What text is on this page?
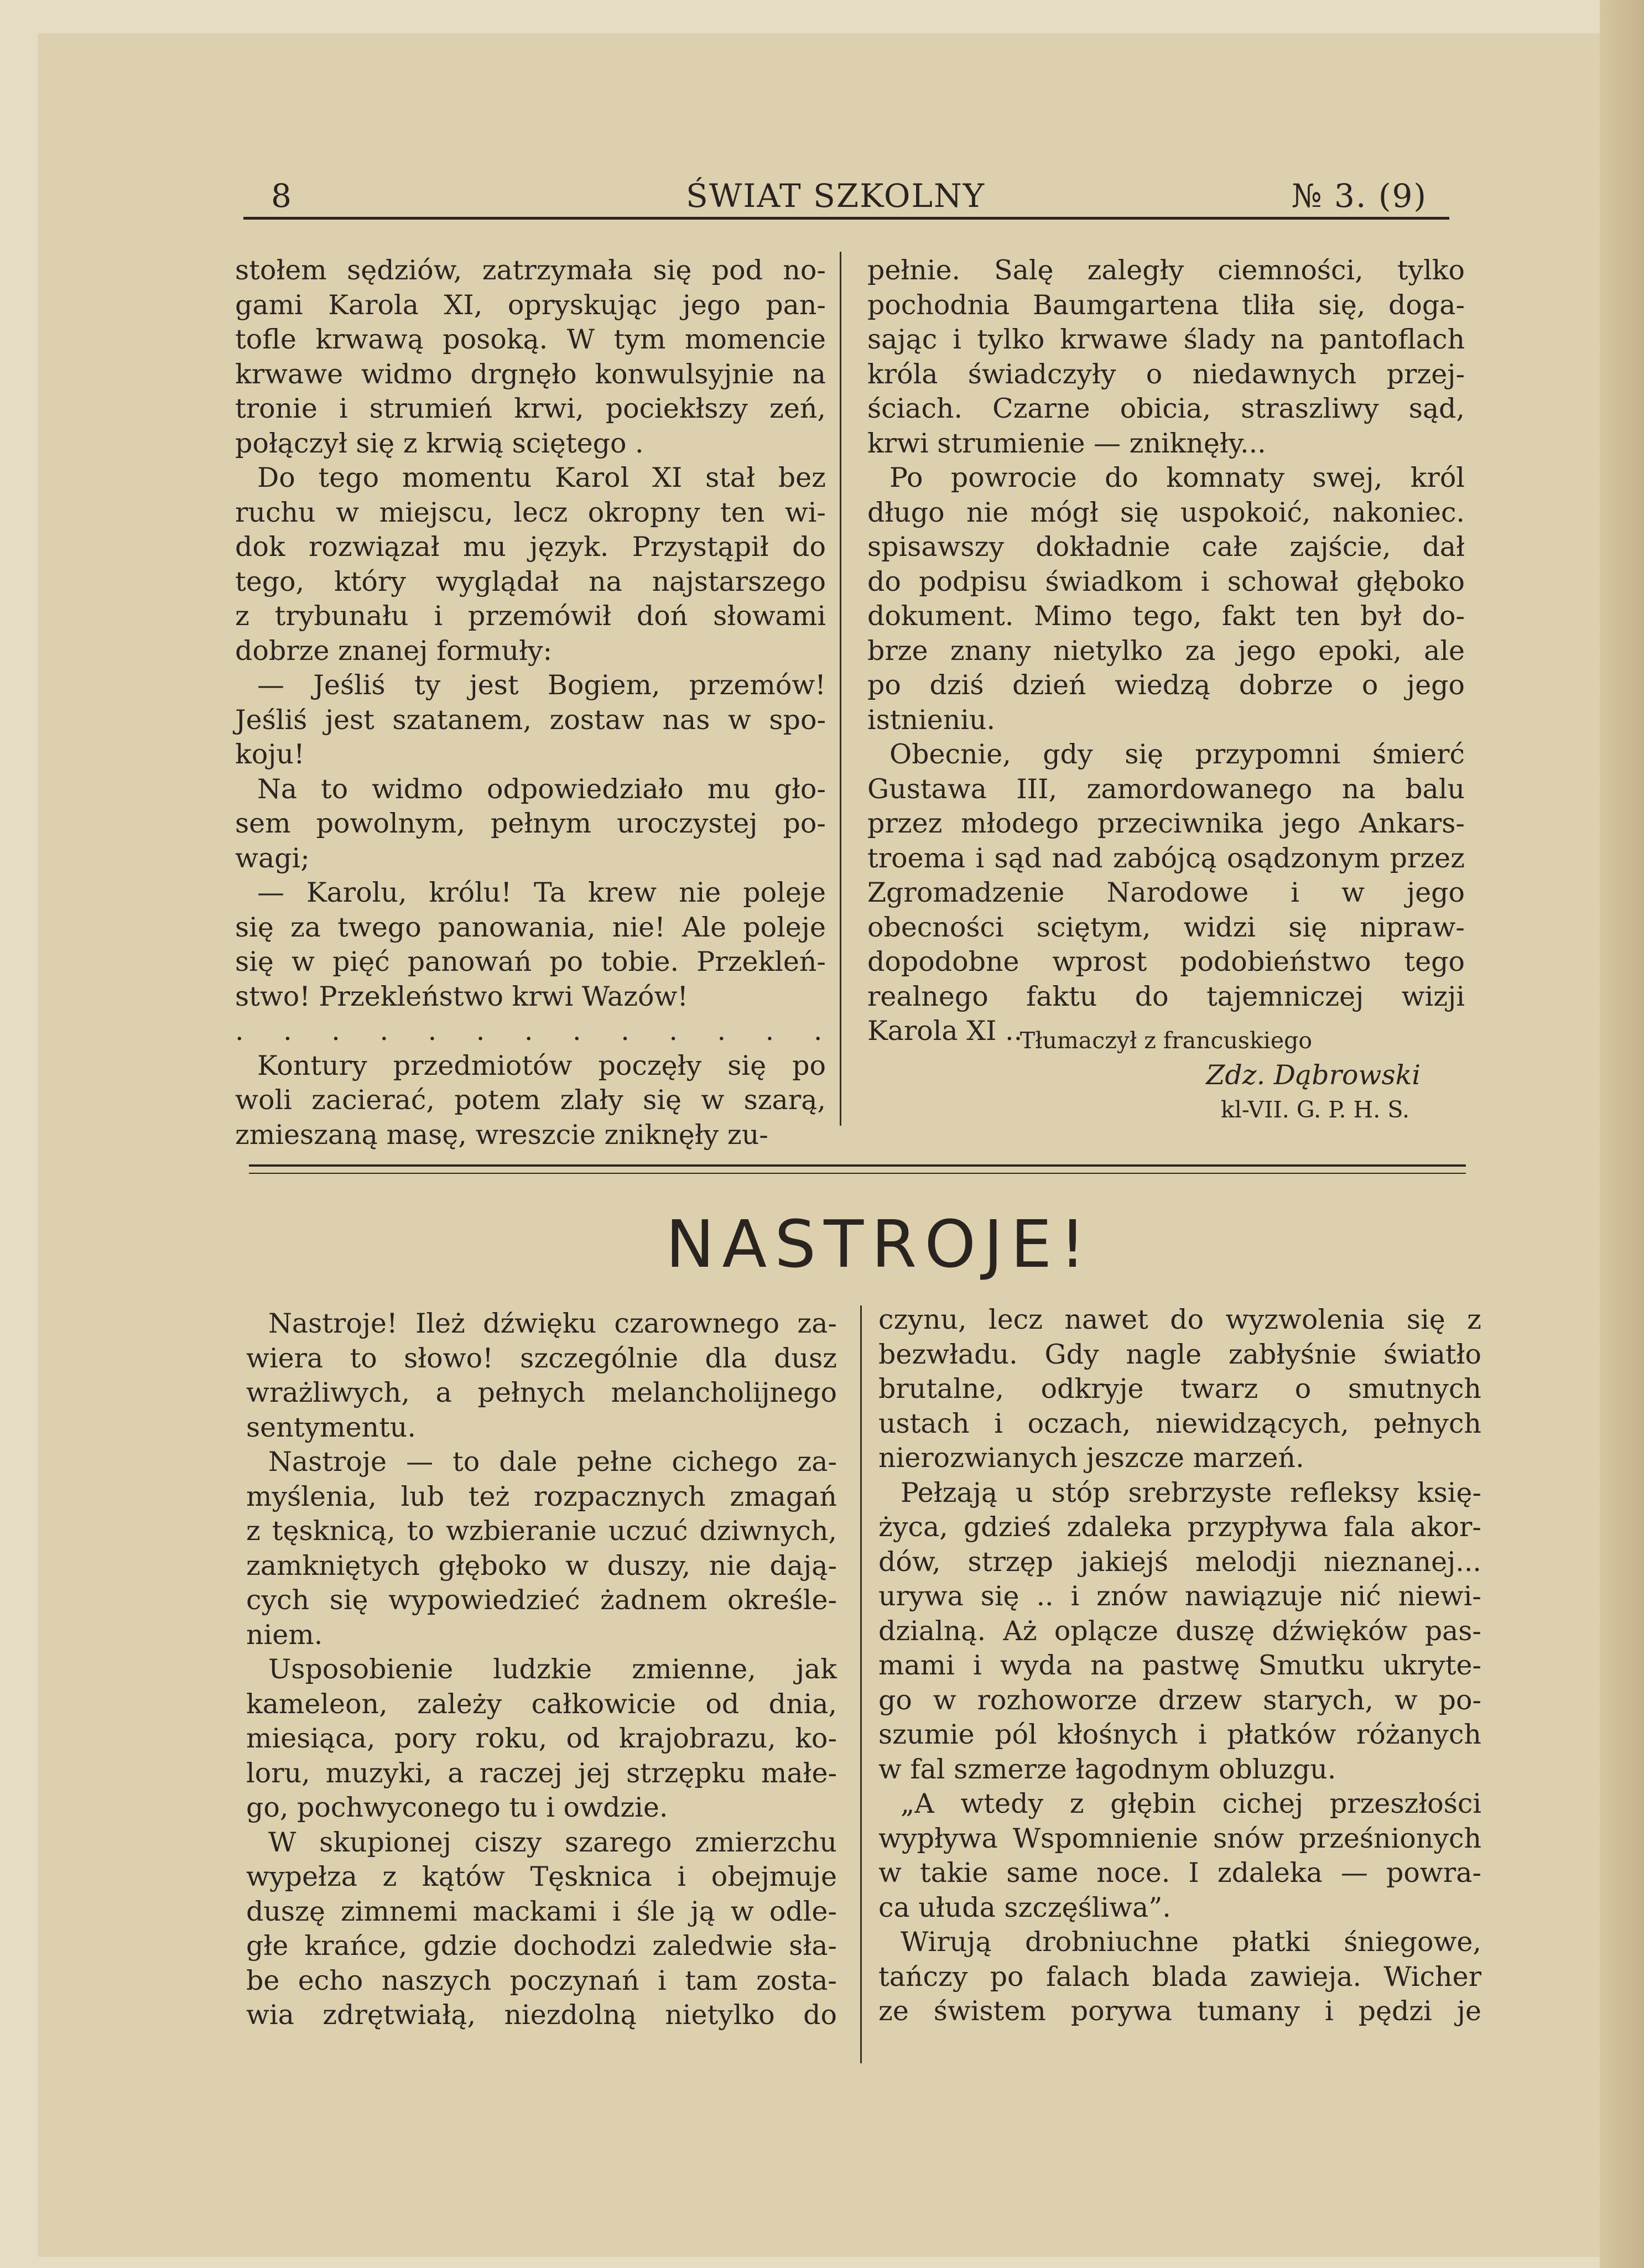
8	ŚWIAT SZKOLNY	№ 3. (9)
stołem sędziów, zatrzymała się pod no-
gami Karola XI, opryskując jego pan-
tofle krwawą posoką. W tym momencie
krwawe widmo drgnęło konwulsyjnie na
tronie i strumień krwi, pociekłszy zeń,
połączył się z krwią sciętego .
Do tego momentu Karol XI stał bez
ruchu w miejscu, lecz okropny ten wi-
dok rozwiązał mu język. Przystąpił do
tego, który wyglądał na najstarszego
z trybunału i przemówił doń słowami
dobrze znanej formuły:
— Jeśliś ty jest Bogiem, przemów!
Jeśliś jest szatanem, zostaw nas w spo-
koju!
Na to widmo odpowiedziało mu gło-
sem powolnym, pełnym uroczystej po-
wagi;
— Karolu, królu! Ta krew nie poleje
się za twego panowania, nie! Ale poleje
się w pięć panowań po tobie. Przekleń-
stwo! Przekleństwo krwi Wazów!
. . . . . . . . . . . . .
Kontury przedmiotów poczęły się po
woli zacierać, potem zlały się w szarą,
zmieszaną masę, wreszcie zniknęły zu-
pełnie. Salę zaległy ciemności, tylko
pochodnia Baumgartena tliła się, doga-
sając i tylko krwawe ślady na pantoflach
króla świadczyły o niedawnych przej-
ściach. Czarne obicia, straszliwy sąd,
krwi strumienie — zniknęły...
Po powrocie do komnaty swej, król
długo nie mógł się uspokoić, nakoniec.
spisawszy dokładnie całe zajście, dał
do podpisu świadkom i schował głęboko
dokument. Mimo tego, fakt ten był do-
brze znany nietylko za jego epoki, ale
po dziś dzień wiedzą dobrze o jego
istnieniu.
Obecnie, gdy się przypomni śmierć
Gustawa III, zamordowanego na balu
przez młodego przeciwnika jego Ankars-
troema i sąd nad zabójcą osądzonym przez
Zgromadzenie Narodowe i w jego
obecności sciętym, widzi się nipraw-
dopodobne wprost podobieństwo tego
realnego faktu do tajemniczej wizji
Karola XI ..
Tłumaczył z francuskiego
Zdz. Dąbrowski
kl-VII. G. P. H. S.
NASTROJE!
Nastroje! Ileż dźwięku czarownego za-
wiera to słowo! szczególnie dla dusz
wrażliwych, a pełnych melancholijnego
sentymentu.
Nastroje — to dale pełne cichego za-
myślenia, lub też rozpacznych zmagań
z tęsknicą, to wzbieranie uczuć dziwnych,
zamkniętych głęboko w duszy, nie dają-
cych się wypowiedzieć żadnem określe-
niem.
Usposobienie ludzkie zmienne, jak
kameleon, zależy całkowicie od dnia,
miesiąca, pory roku, od krajobrazu, ko-
loru, muzyki, a raczej jej strzępku małe-
go, pochwyconego tu i owdzie.
W skupionej ciszy szarego zmierzchu
wypełza z kątów Tęsknica i obejmuje
duszę zimnemi mackami i śle ją w odle-
głe krańce, gdzie dochodzi zaledwie sła-
be echo naszych poczynań i tam zosta-
wia zdrętwiałą, niezdolną nietylko do
czynu, lecz nawet do wyzwolenia się z
bezwładu. Gdy nagle zabłyśnie światło
brutalne, odkryje twarz o smutnych
ustach i oczach, niewidzących, pełnych
nierozwianych jeszcze marzeń.
Pełzają u stóp srebrzyste refleksy księ-
życa, gdzieś zdaleka przypływa fala akor-
dów, strzęp jakiejś melodji nieznanej...
urywa się .. i znów nawiązuje nić niewi-
dzialną. Aż oplącze duszę dźwięków pas-
mami i wyda na pastwę Smutku ukryte-
go w rozhoworze drzew starych, w po-
szumie pól kłośnych i płatków różanych
w fal szmerze łagodnym obluzgu.
„A wtedy z głębin cichej przeszłości
wypływa Wspomnienie snów prześnionych
w takie same noce. I zdaleka — powra-
ca ułuda szczęśliwa”.
Wirują drobniuchne płatki śniegowe,
tańczy po falach blada zawieja. Wicher
ze świstem porywa tumany i pędzi je
